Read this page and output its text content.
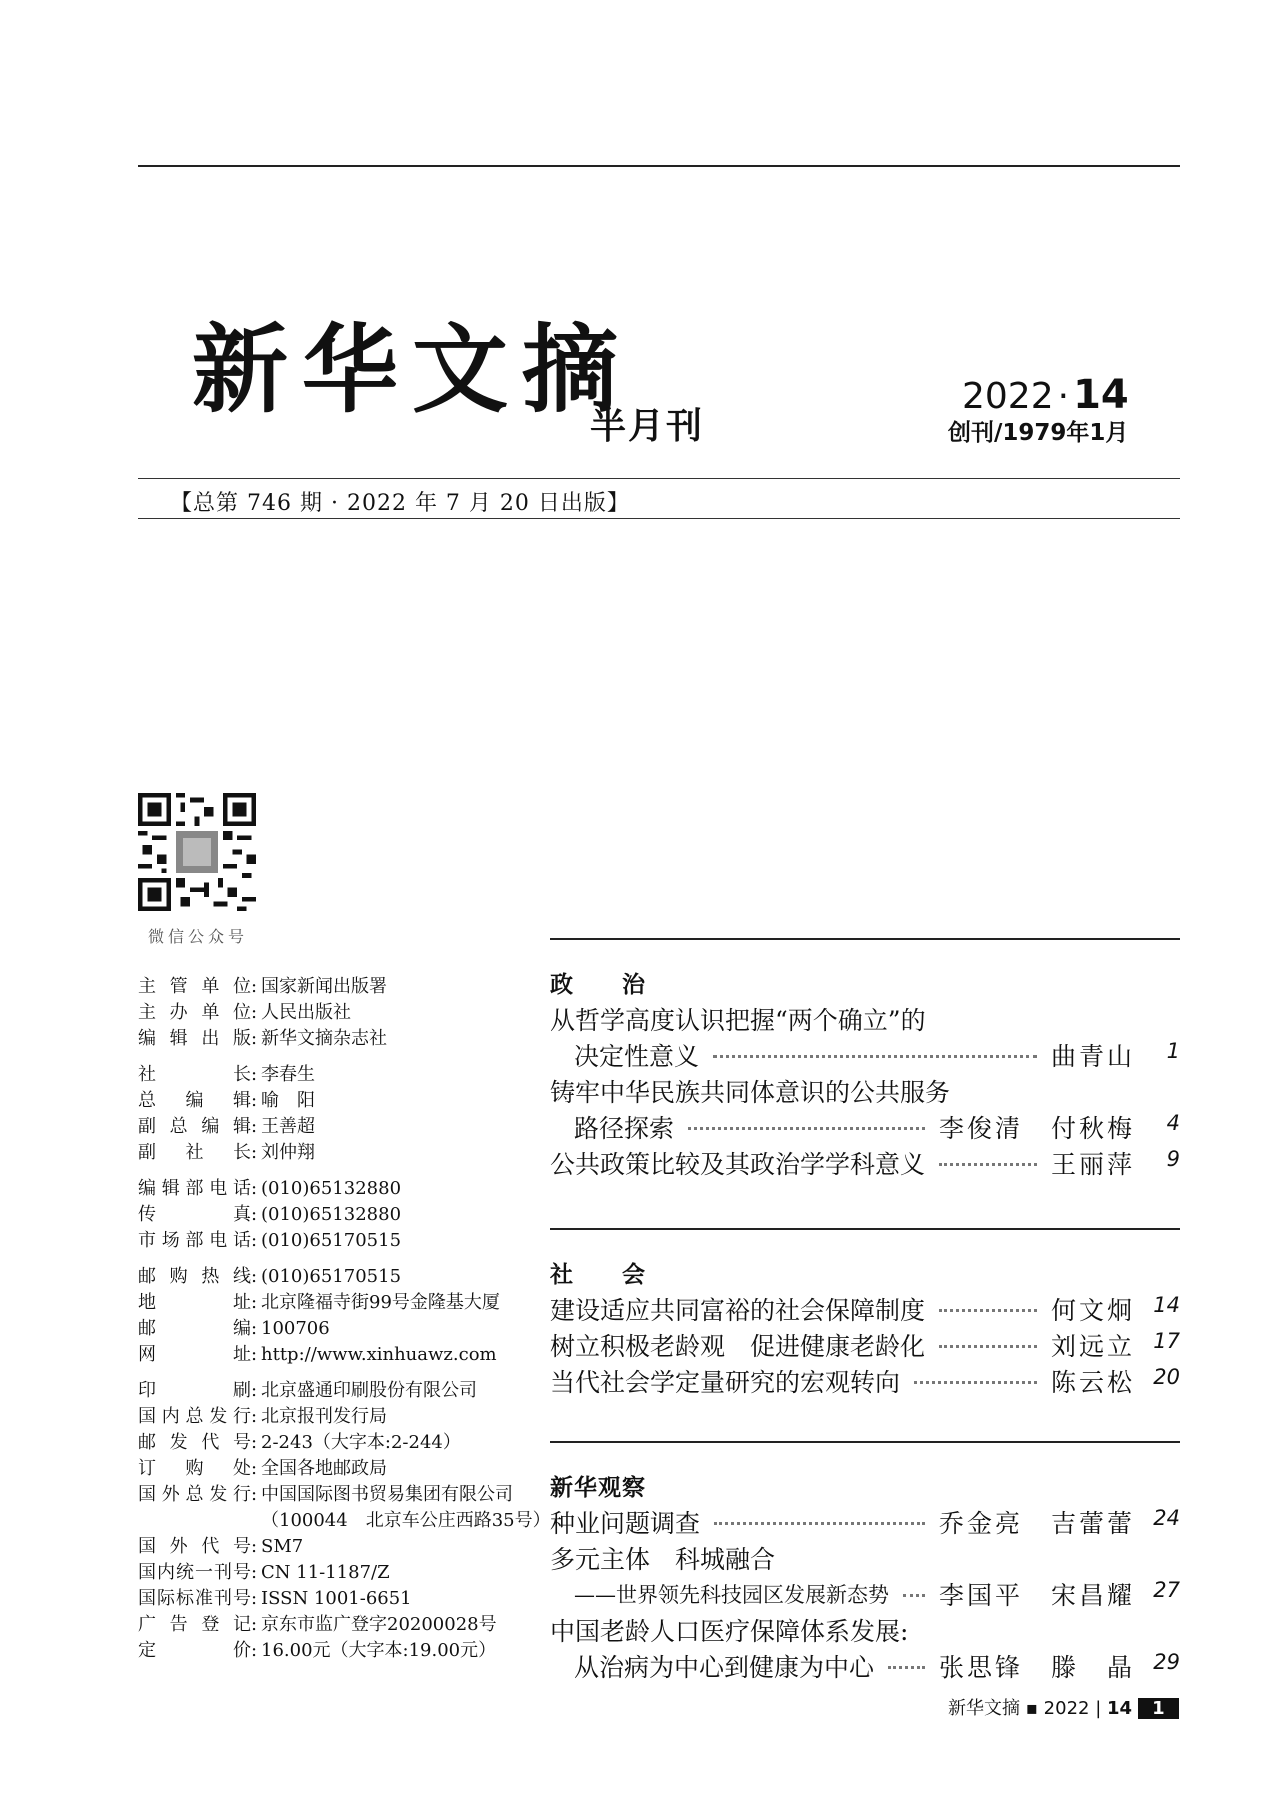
新华文摘
半月刊
2022 · 14
创刊/1979年1月
【总第 746 期 · 2022 年 7 月 20 日出版】
微信公众号
主管单位 : 国家新闻出版署
主办单位 : 人民出版社
编辑出版 : 新华文摘杂志社
社长 : 李春生
总编辑 : 喻　阳
副总编辑 : 王善超
副社长 : 刘仲翔
编辑部电话 : (010)65132880
传真 : (010)65132880
市场部电话 : (010)65170515
邮购热线 : (010)65170515
地址 : 北京隆福寺街99号金隆基大厦
邮编 : 100706
网址 : http://www.xinhuawz.com
印刷 : 北京盛通印刷股份有限公司
国内总发行 : 北京报刊发行局
邮发代号 : 2-243（大字本:2-244）
订购处 : 全国各地邮政局
国外总发行 : 中国国际图书贸易集团有限公司
（100044　北京车公庄西路35号）
国外代号 : SM7
国内统一刊号 : CN 11-1187/Z
国际标准刊号 : ISSN 1001-6651
广告登记 : 京东市监广登字20200028号
定价 : 16.00元（大字本:19.00元）
政　　治
从哲学高度认识把握“两个确立”的
决定性意义	曲青山	1
铸牢中华民族共同体意识的公共服务
路径探索	李俊清　付秋梅	4
公共政策比较及其政治学学科意义	王丽萍	9
社　　会
建设适应共同富裕的社会保障制度	何文炯 14
树立积极老龄观　促进健康老龄化	刘远立 17
当代社会学定量研究的宏观转向	陈云松 20
新华观察
种业问题调查	乔金亮　吉蕾蕾 24
多元主体　科城融合
——世界领先科技园区发展新态势 李国平　宋昌耀 27
中国老龄人口医疗保障体系发展:
从治病为中心到健康为中心	张思锋　滕　晶 29
新华文摘 ▪ 2022 | 14 1
